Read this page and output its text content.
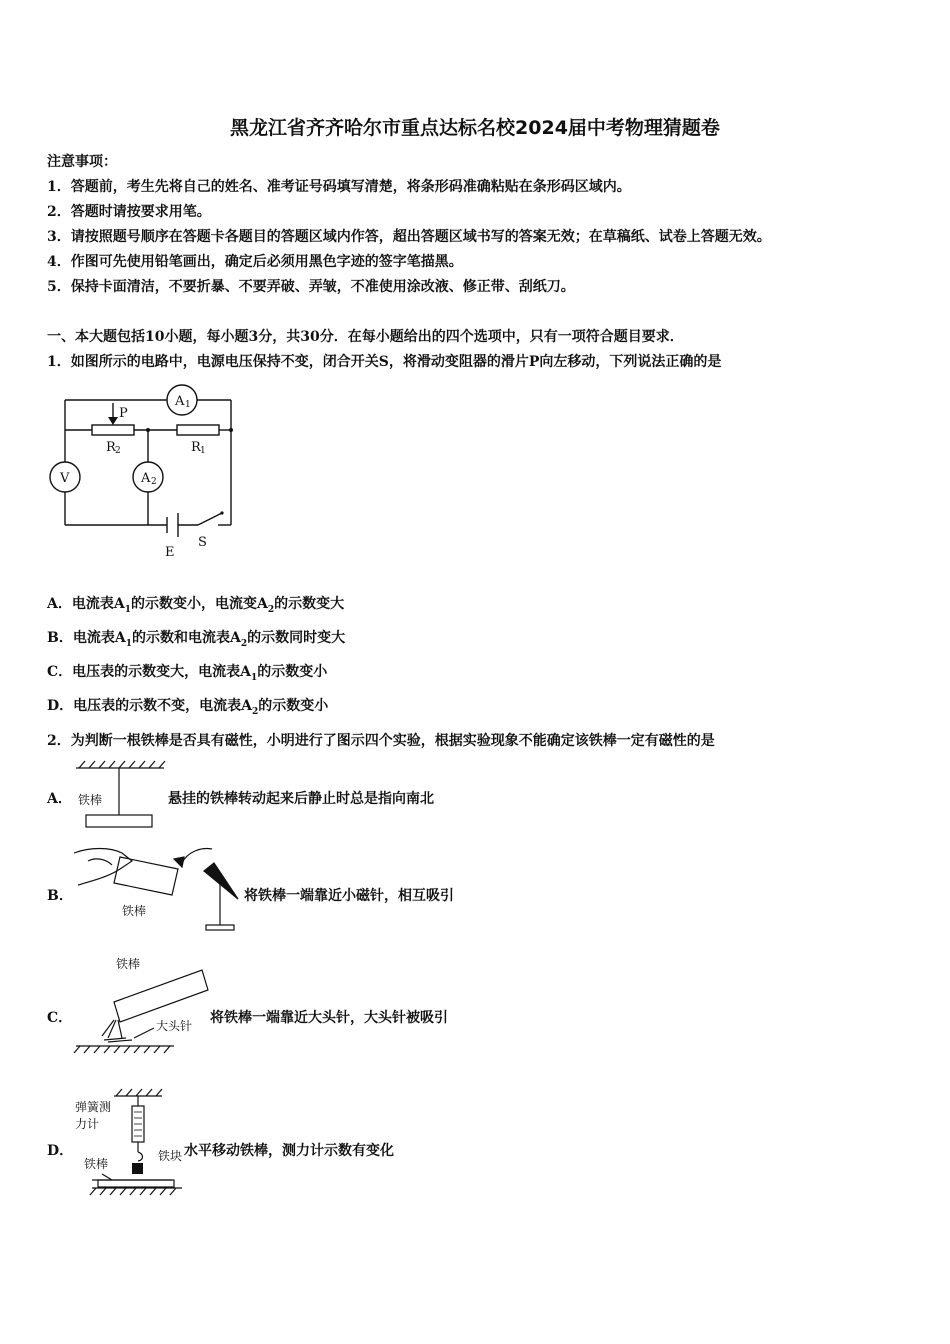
黑龙江省齐齐哈尔市重点达标名校2024届中考物理猜题卷
注意事项：
1．答题前，考生先将自己的姓名、准考证号码填写清楚，将条形码准确粘贴在条形码区域内。
2．答题时请按要求用笔。
3．请按照题号顺序在答题卡各题目的答题区域内作答，超出答题区域书写的答案无效；在草稿纸、试卷上答题无效。
4．作图可先使用铅笔画出，确定后必须用黑色字迹的签字笔描黑。
5．保持卡面清洁，不要折暴、不要弄破、弄皱，不准使用涂改液、修正带、刮纸刀。
一、本大题包括10小题，每小题3分，共30分．在每小题给出的四个选项中，只有一项符合题目要求．
1．如图所示的电路中，电源电压保持不变，闭合开关S，将滑动变阻器的滑片P向左移动，下列说法正确的是
P
A 1
A 2
V
R 2	R 1
E
S
A．电流表$A_1$的示数变小，电流变$A_2$的示数变大
B．电流表$A_1$的示数和电流表$A_2$的示数同时变大
C．电压表的示数变大，电流表$A_1$的示数变小
D．电压表的示数不变，电流表$A_2$的示数变小
2．为判断一根铁棒是否具有磁性，小明进行了图示四个实验，根据实验现象不能确定该铁棒一定有磁性的是
A． 铁棒	悬挂的铁棒转动起来后静止时总是指向南北
B．
铁棒
将铁棒一端靠近小磁针，相互吸引
C．
铁棒
大头针 将铁棒一端靠近大头针，大头针被吸引
D．
弹簧测
力计
铁块
铁棒
水平移动铁棒，测力计示数有变化
